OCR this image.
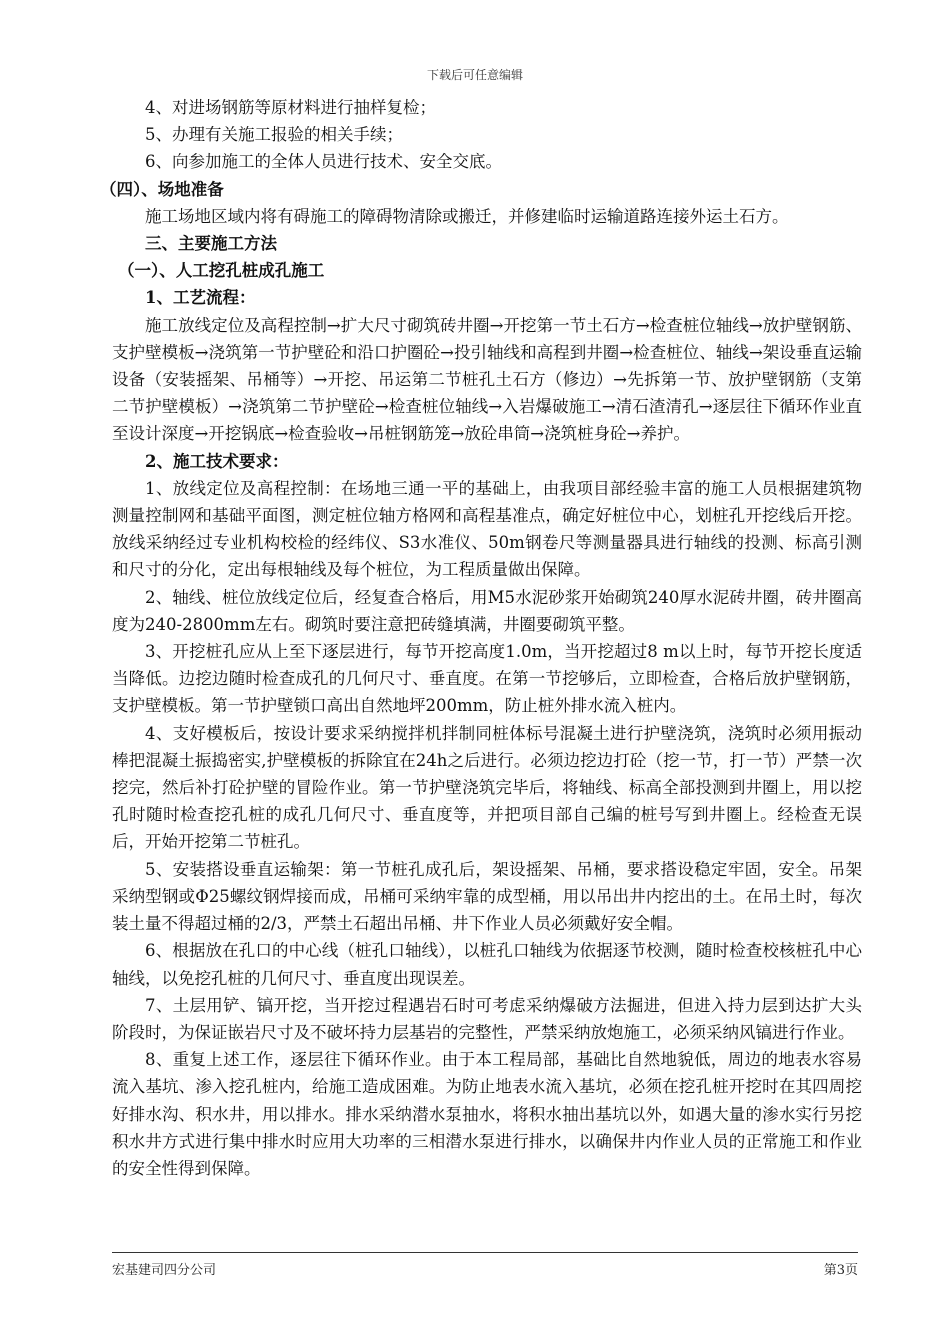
下载后可任意编辑
4、对进场钢筋等原材料进行抽样复检；
5、办理有关施工报验的相关手续；
6、向参加施工的全体人员进行技术、安全交底。
（四）、场地准备

施工场地区域内将有碍施工的障碍物清除或搬迁，并修建临时运输道路连接外运土石方。

三、主要施工方法
（一）、人工挖孔桩成孔施工
1、工艺流程：

施工放线定位及高程控制→扩大尺寸砌筑砖井圈→开挖第一节土石方→检查桩位轴线→放护壁钢筋、支护壁模板→浇筑第一节护壁砼和沿口护圈砼→投引轴线和高程到井圈→检查桩位、轴线→架设垂直运输设备（安装摇架、吊桶等）→开挖、吊运第二节桩孔土石方（修边）→先拆第一节、放护壁钢筋（支第二节护壁模板）→浇筑第二节护壁砼→检查桩位轴线→入岩爆破施工→清石渣清孔→逐层往下循环作业直至设计深度→开挖锅底→检查验收→吊桩钢筋笼→放砼串筒→浇筑桩身砼→养护。

2、施工技术要求：

1、放线定位及高程控制：在场地三通一平的基础上，由我项目部经验丰富的施工人员根据建筑物测量控制网和基础平面图，测定桩位轴方格网和高程基准点，确定好桩位中心，划桩孔开挖线后开挖。放线采纳经过专业机构校检的经纬仪、S3水准仪、50m钢卷尺等测量器具进行轴线的投测、标高引测和尺寸的分化，定出每根轴线及每个桩位，为工程质量做出保障。

2、轴线、桩位放线定位后，经复查合格后，用M5水泥砂浆开始砌筑240厚水泥砖井圈，砖井圈高度为240-2800mm左右。砌筑时要注意把砖缝填满，井圈要砌筑平整。

3、开挖桩孔应从上至下逐层进行，每节开挖高度1.0m，当开挖超过8 m以上时，每节开挖长度适当降低。边挖边随时检查成孔的几何尺寸、垂直度。在第一节挖够后，立即检查，合格后放护壁钢筋，支护壁模板。第一节护壁锁口高出自然地坪200mm，防止桩外排水流入桩内。

4、支好模板后，按设计要求采纳搅拌机拌制同桩体标号混凝土进行护壁浇筑，浇筑时必须用振动棒把混凝土振捣密实,护壁模板的拆除宜在24h之后进行。必须边挖边打砼（挖一节，打一节）严禁一次挖完，然后补打砼护壁的冒险作业。第一节护壁浇筑完毕后，将轴线、标高全部投测到井圈上，用以挖孔时随时检查挖孔桩的成孔几何尺寸、垂直度等，并把项目部自己编的桩号写到井圈上。经检查无误后，开始开挖第二节桩孔。

5、安装搭设垂直运输架：第一节桩孔成孔后，架设摇架、吊桶，要求搭设稳定牢固，安全。吊架采纳型钢或Φ25螺纹钢焊接而成，吊桶可采纳牢靠的成型桶，用以吊出井内挖出的土。在吊土时，每次装土量不得超过桶的2/3，严禁土石超出吊桶、井下作业人员必须戴好安全帽。

6、根据放在孔口的中心线（桩孔口轴线），以桩孔口轴线为依据逐节校测，随时检查校核桩孔中心轴线，以免挖孔桩的几何尺寸、垂直度出现误差。

7、土层用铲、镐开挖，当开挖过程遇岩石时可考虑采纳爆破方法掘进，但进入持力层到达扩大头阶段时，为保证嵌岩尺寸及不破坏持力层基岩的完整性，严禁采纳放炮施工，必须采纳风镐进行作业。

8、重复上述工作，逐层往下循环作业。由于本工程局部，基础比自然地貌低，周边的地表水容易流入基坑、渗入挖孔桩内，给施工造成困难。为防止地表水流入基坑，必须在挖孔桩开挖时在其四周挖好排水沟、积水井，用以排水。排水采纳潜水泵抽水，将积水抽出基坑以外，如遇大量的渗水实行另挖积水井方式进行集中排水时应用大功率的三相潜水泵进行排水，以确保井内作业人员的正常施工和作业的安全性得到保障。

宏基建司四分公司	第3页
